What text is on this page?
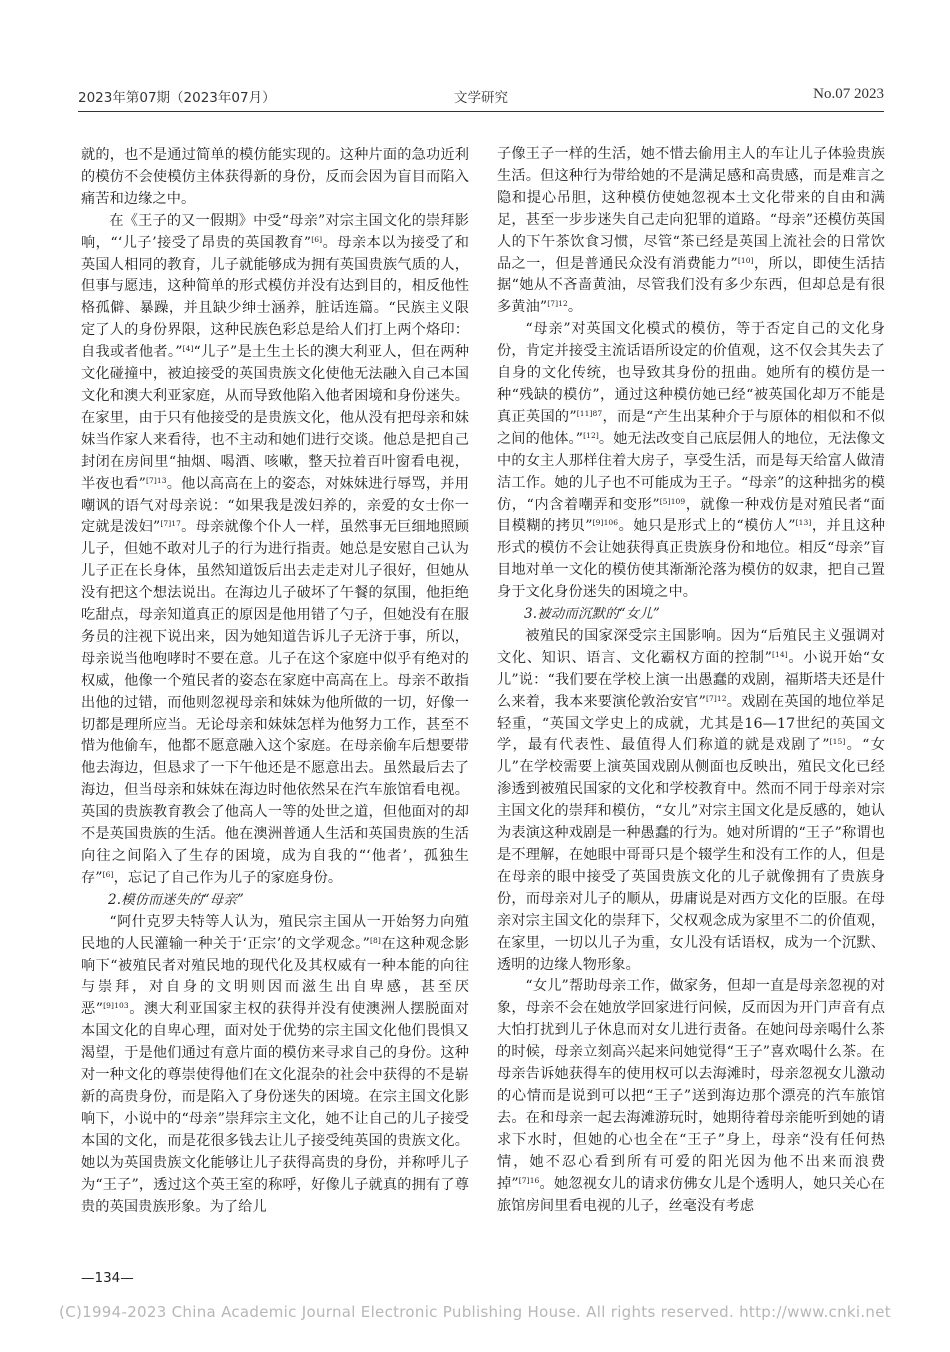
2023年第07期（2023年07月）	文学研究	No.07 2023

就的，也不是通过简单的模仿能实现的。这种片面的急功近利的模仿不会使模仿主体获得新的身份，反而会因为盲目而陷入痛苦和边缘之中。

在《王子的又一假期》中受“母亲”对宗主国文化的崇拜影响，“‘儿子’接受了昂贵的英国教育”[6]。母亲本以为接受了和英国人相同的教育，儿子就能够成为拥有英国贵族气质的人，但事与愿违，这种简单的形式模仿并没有达到目的，相反他性格孤僻、暴躁，并且缺少绅士涵养，脏话连篇。“民族主义限定了人的身份界限，这种民族色彩总是给人们打上两个烙印：自我或者他者。”[4]“儿子”是土生土长的澳大利亚人，但在两种文化碰撞中，被迫接受的英国贵族文化使他无法融入自己本国文化和澳大利亚家庭，从而导致他陷入他者困境和身份迷失。在家里，由于只有他接受的是贵族文化，他从没有把母亲和妹妹当作家人来看待，也不主动和她们进行交谈。他总是把自己封闭在房间里“抽烟、喝酒、咳嗽，整天拉着百叶窗看电视，半夜也看”$^{[7]13}$。他以高高在上的姿态，对妹妹进行辱骂，并用嘲讽的语气对母亲说：“如果我是泼妇养的，亲爱的女士你一定就是泼妇”$^{[7]17}$。母亲就像个仆人一样，虽然事无巨细地照顾儿子，但她不敢对儿子的行为进行指责。她总是安慰自己认为儿子正在长身体，虽然知道饭后出去走走对儿子很好，但她从没有把这个想法说出。在海边儿子破坏了午餐的氛围，他拒绝吃甜点，母亲知道真正的原因是他用错了勺子，但她没有在服务员的注视下说出来，因为她知道告诉儿子无济于事，所以，母亲说当他咆哮时不要在意。儿子在这个家庭中似乎有绝对的权威，他像一个殖民者的姿态在家庭中高高在上。母亲不敢指出他的过错，而他则忽视母亲和妹妹为他所做的一切，好像一切都是理所应当。无论母亲和妹妹怎样为他努力工作，甚至不惜为他偷车，他都不愿意融入这个家庭。在母亲偷车后想要带他去海边，但恳求了一下午他还是不愿意出去。虽然最后去了海边，但当母亲和妹妹在海边时他依然呆在汽车旅馆看电视。英国的贵族教育教会了他高人一等的处世之道，但他面对的却不是英国贵族的生活。他在澳洲普通人生活和英国贵族的生活向往之间陷入了生存的困境，成为自我的“‘他者’，孤独生存”[6]，忘记了自己作为儿子的家庭身份。

2.模仿而迷失的“母亲”

“阿什克罗夫特等人认为，殖民宗主国从一开始努力向殖民地的人民灌输一种关于‘正宗’的文学观念。”[8]在这种观念影响下“被殖民者对殖民地的现代化及其权威有一种本能的向往与崇拜，对自身的文明则因而滋生出自卑感，甚至厌恶”$^{[9]103}$。澳大利亚国家主权的获得并没有使澳洲人摆脱面对本国文化的自卑心理，面对处于优势的宗主国文化他们畏惧又渴望，于是他们通过有意片面的模仿来寻求自己的身份。这种对一种文化的尊崇使得他们在文化混杂的社会中获得的不是崭新的高贵身份，而是陷入了身份迷失的困境。在宗主国文化影响下，小说中的“母亲”崇拜宗主文化，她不让自己的儿子接受本国的文化，而是花很多钱去让儿子接受纯英国的贵族文化。她以为英国贵族文化能够让儿子获得高贵的身份，并称呼儿子为“王子”，透过这个英王室的称呼，好像儿子就真的拥有了尊贵的英国贵族形象。为了给儿

子像王子一样的生活，她不惜去偷用主人的车让儿子体验贵族生活。但这种行为带给她的不是满足感和高贵感，而是难言之隐和提心吊胆，这种模仿使她忽视本土文化带来的自由和满足，甚至一步步迷失自己走向犯罪的道路。“母亲”还模仿英国人的下午茶饮食习惯，尽管“茶已经是英国上流社会的日常饮品之一，但是普通民众没有消费能力”[10]，所以，即使生活拮据“她从不吝啬黄油，尽管我们没有多少东西，但却总是有很多黄油”$^{[7]12}$。

“母亲”对英国文化模式的模仿，等于否定自己的文化身份，肯定并接受主流话语所设定的价值观，这不仅会其失去了自身的文化传统，也导致其身份的扭曲。她所有的模仿是一种“残缺的模仿”，通过这种模仿她已经“被英国化却万不能是真正英国的”$^{[11]87}$，而是“产生出某种介于与原体的相似和不似之间的他体。”[12]。她无法改变自己底层佣人的地位，无法像文中的女主人那样住着大房子，享受生活，而是每天给富人做清洁工作。她的儿子也不可能成为王子。“母亲”的这种拙劣的模仿，“内含着嘲弄和变形”$^{[5]109}$，就像一种戏仿是对殖民者“面目模糊的拷贝”$^{[9]106}$。她只是形式上的“模仿人”[13]，并且这种形式的模仿不会让她获得真正贵族身份和地位。相反“母亲”盲目地对单一文化的模仿使其渐渐沦落为模仿的奴隶，把自己置身于文化身份迷失的困境之中。

3.被动而沉默的“女儿”

被殖民的国家深受宗主国影响。因为“后殖民主义强调对文化、知识、语言、文化霸权方面的控制”[14]。小说开始“女儿”说：“我们要在学校上演一出愚蠢的戏剧，福斯塔夫还是什么来着，我本来要演伦敦治安官”$^{[7]12}$。戏剧在英国的地位举足轻重，“英国文学史上的成就，尤其是16—17世纪的英国文学，最有代表性、最值得人们称道的就是戏剧了”[15]。“女儿”在学校需要上演英国戏剧从侧面也反映出，殖民文化已经渗透到被殖民国家的文化和学校教育中。然而不同于母亲对宗主国文化的崇拜和模仿，“女儿”对宗主国文化是反感的，她认为表演这种戏剧是一种愚蠢的行为。她对所谓的“王子”称谓也是不理解，在她眼中哥哥只是个辍学生和没有工作的人，但是在母亲的眼中接受了英国贵族文化的儿子就像拥有了贵族身份，而母亲对儿子的顺从，毋庸说是对西方文化的臣服。在母亲对宗主国文化的崇拜下，父权观念成为家里不二的价值观，在家里，一切以儿子为重，女儿没有话语权，成为一个沉默、透明的边缘人物形象。

“女儿”帮助母亲工作，做家务，但却一直是母亲忽视的对象，母亲不会在她放学回家进行问候，反而因为开门声音有点大怕打扰到儿子休息而对女儿进行责备。在她问母亲喝什么茶的时候，母亲立刻高兴起来问她觉得“王子”喜欢喝什么茶。在母亲告诉她获得车的使用权可以去海滩时，母亲忽视女儿激动的心情而是说到可以把“王子”送到海边那个漂亮的汽车旅馆去。在和母亲一起去海滩游玩时，她期待着母亲能听到她的请求下水时，但她的心也全在“王子”身上，母亲“没有任何热情，她不忍心看到所有可爱的阳光因为他不出来而浪费掉”$^{[7]16}$。她忽视女儿的请求仿佛女儿是个透明人，她只关心在旅馆房间里看电视的儿子，丝毫没有考虑

—134—
(C)1994-2023 China Academic Journal Electronic Publishing House. All rights reserved. http://www.cnki.net
